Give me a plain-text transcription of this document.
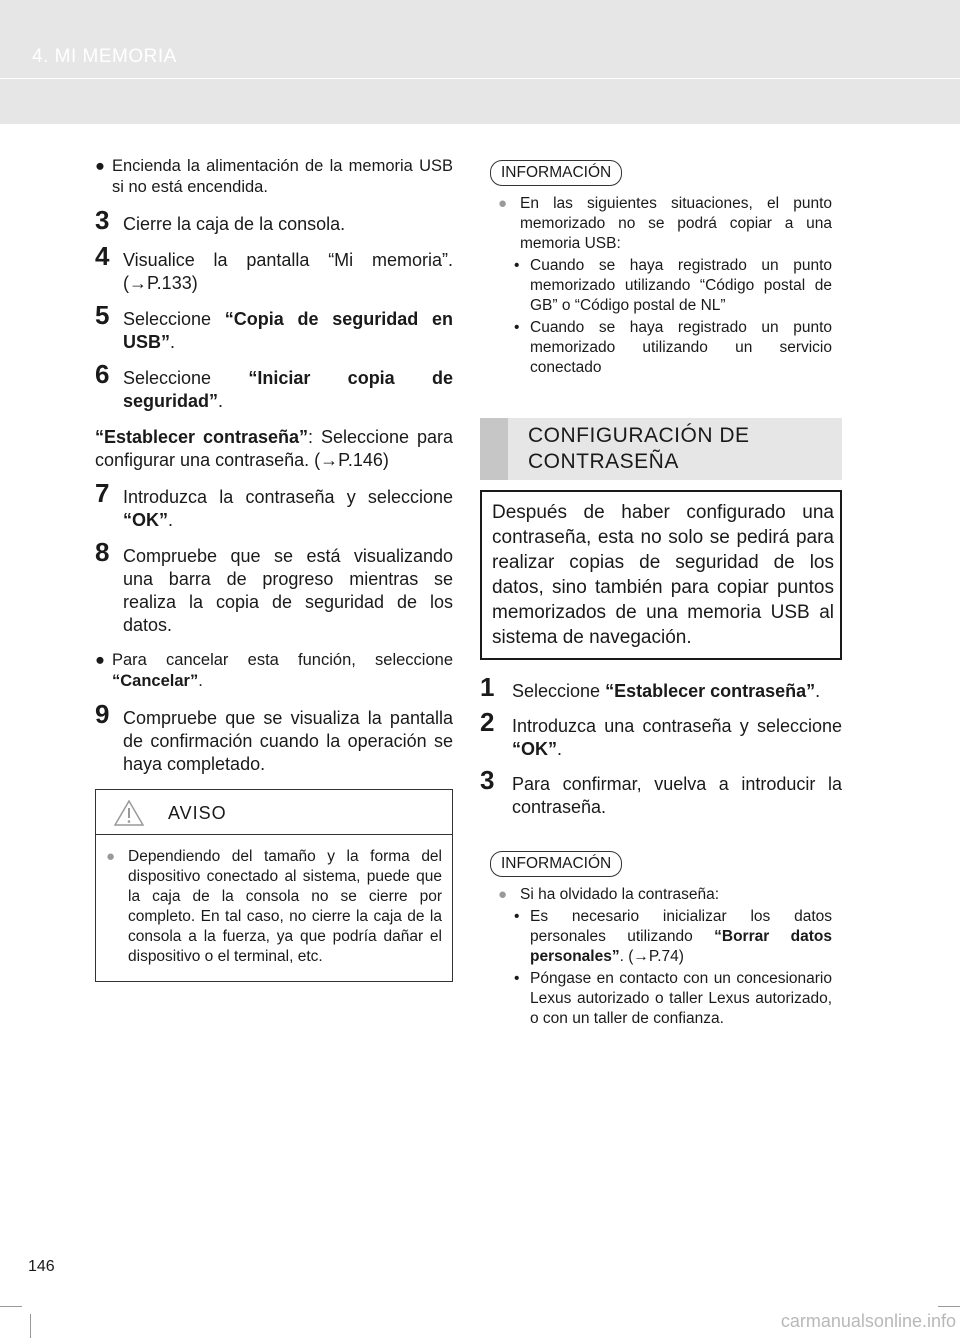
4. MI MEMORIA
● Encienda la alimentación de la memoria USB si no está encendida.
3 Cierre la caja de la consola.
4 Visualice la pantalla “Mi memoria”. (→P.133)
5 Seleccione “Copia de seguridad en USB”.
6 Seleccione “Iniciar copia de seguridad”.
“Establecer contraseña”: Seleccione para configurar una contraseña. (→P.146)
7 Introduzca la contraseña y seleccione “OK”.
8 Compruebe que se está visualizando una barra de progreso mientras se realiza la copia de seguridad de los datos.
● Para cancelar esta función, seleccione “Cancelar”.
9 Compruebe que se visualiza la pantalla de confirmación cuando la operación se haya completado.
AVISO
● Dependiendo del tamaño y la forma del dispositivo conectado al sistema, puede que la caja de la consola no se cierre por completo. En tal caso, no cierre la caja de la consola a la fuerza, ya que podría dañar el dispositivo o el terminal, etc.
INFORMACIÓN
● En las siguientes situaciones, el punto memorizado no se podrá copiar a una memoria USB:
• Cuando se haya registrado un punto memorizado utilizando “Código postal de GB” o “Código postal de NL”
• Cuando se haya registrado un punto memorizado utilizando un servicio conectado
CONFIGURACIÓN DE
CONTRASEÑA
Después de haber configurado una contraseña, esta no solo se pedirá para realizar copias de seguridad de los datos, sino también para copiar puntos memorizados de una memoria USB al sistema de navegación.
1 Seleccione “Establecer contraseña”.
2 Introduzca una contraseña y seleccione “OK”.
3 Para confirmar, vuelva a introducir la contraseña.
INFORMACIÓN
● Si ha olvidado la contraseña:
• Es necesario inicializar los datos personales utilizando “Borrar datos personales”. (→P.74)
• Póngase en contacto con un concesionario Lexus autorizado o taller Lexus autorizado, o con un taller de confianza.
146
carmanualsonline.info
